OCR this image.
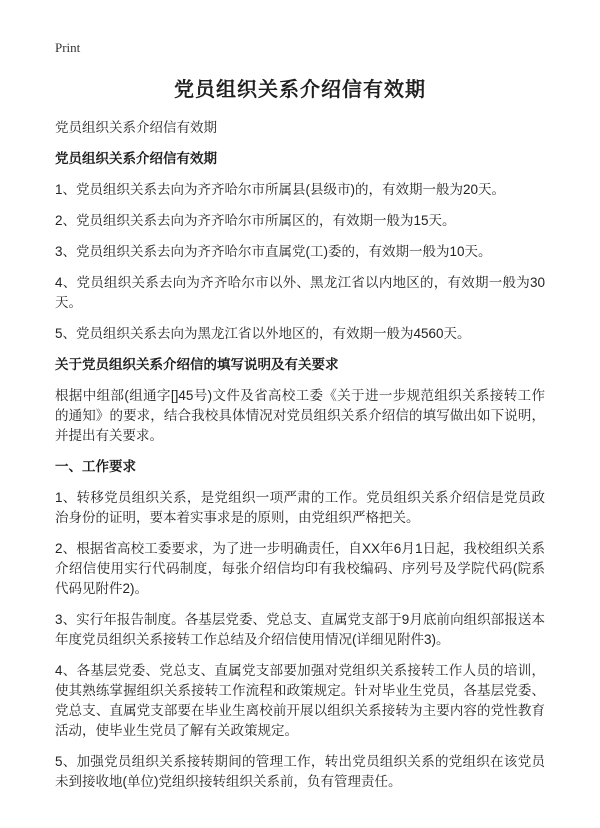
Print
党员组织关系介绍信有效期

党员组织关系介绍信有效期

党员组织关系介绍信有效期

1、党员组织关系去向为齐齐哈尔市所属县(县级市)的，有效期一般为20天。

2、党员组织关系去向为齐齐哈尔市所属区的，有效期一般为15天。

3、党员组织关系去向为齐齐哈尔市直属党(工)委的，有效期一般为10天。

4、党员组织关系去向为齐齐哈尔市以外、黑龙江省以内地区的，有效期一般为30天。

5、党员组织关系去向为黑龙江省以外地区的，有效期一般为4560天。

关于党员组织关系介绍信的填写说明及有关要求

根据中组部(组通字[]45号)文件及省高校工委《关于进一步规范组织关系接转工作的通知》的要求，结合我校具体情况对党员组织关系介绍信的填写做出如下说明，并提出有关要求。

一、工作要求

1、转移党员组织关系，是党组织一项严肃的工作。党员组织关系介绍信是党员政治身份的证明，要本着实事求是的原则，由党组织严格把关。

2、根据省高校工委要求，为了进一步明确责任，自XX年6月1日起，我校组织关系介绍信使用实行代码制度，每张介绍信均印有我校编码、序列号及学院代码(院系代码见附件2)。

3、实行年报告制度。各基层党委、党总支、直属党支部于9月底前向组织部报送本年度党员组织关系接转工作总结及介绍信使用情况(详细见附件3)。

4、各基层党委、党总支、直属党支部要加强对党组织关系接转工作人员的培训，使其熟练掌握组织关系接转工作流程和政策规定。针对毕业生党员，各基层党委、党总支、直属党支部要在毕业生离校前开展以组织关系接转为主要内容的党性教育活动，使毕业生党员了解有关政策规定。

5、加强党员组织关系接转期间的管理工作，转出党员组织关系的党组织在该党员未到接收地(单位)党组织接转组织关系前，负有管理责任。
